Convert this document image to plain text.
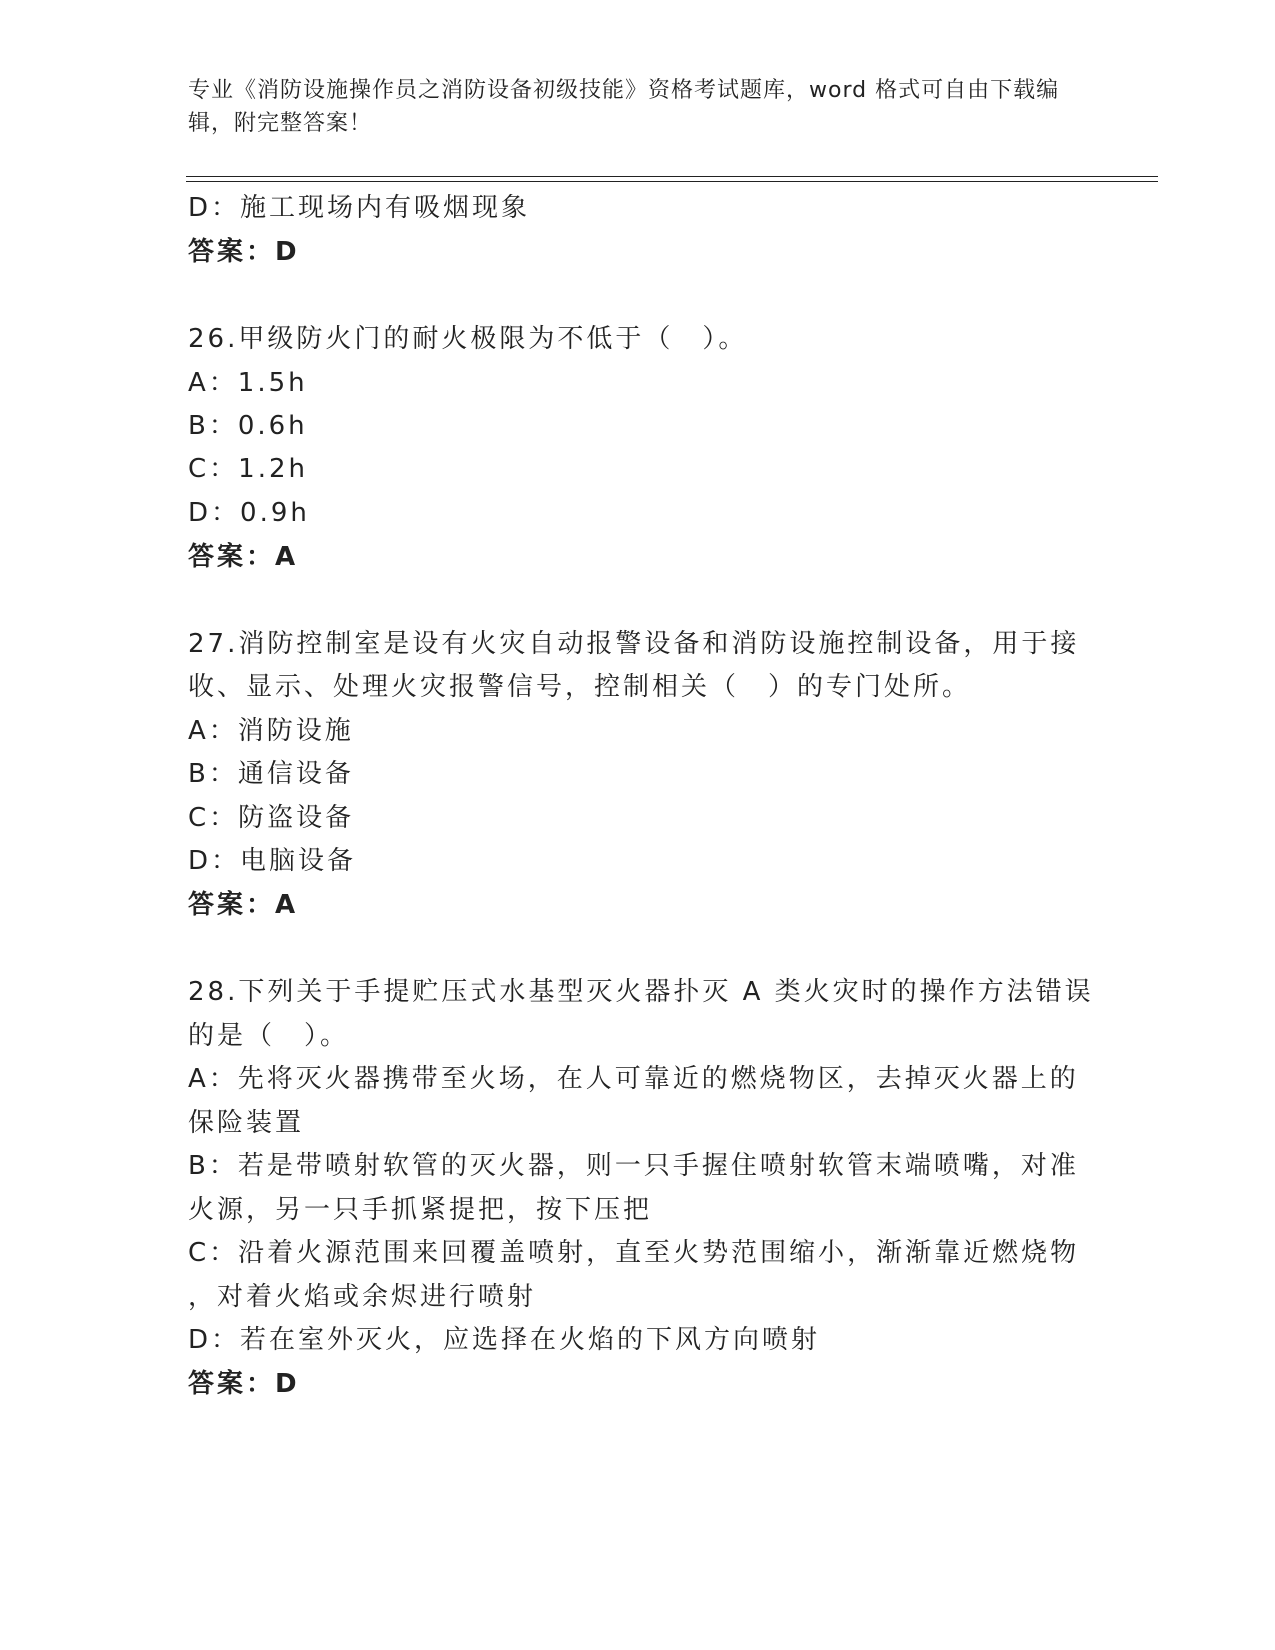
专业《消防设施操作员之消防设备初级技能》资格考试题库，word 格式可自由下载编辑，附完整答案！
D：施工现场内有吸烟现象
答案：D
26.甲级防火门的耐火极限为不低于（　）。
A：1.5h
B：0.6h
C：1.2h
D：0.9h
答案：A
27.消防控制室是设有火灾自动报警设备和消防设施控制设备，用于接
收、显示、处理火灾报警信号，控制相关（　）的专门处所。
A：消防设施
B：通信设备
C：防盗设备
D：电脑设备
答案：A
28.下列关于手提贮压式水基型灭火器扑灭 A 类火灾时的操作方法错误
的是（　）。
A：先将灭火器携带至火场，在人可靠近的燃烧物区，去掉灭火器上的
保险装置
B：若是带喷射软管的灭火器，则一只手握住喷射软管末端喷嘴，对准
火源，另一只手抓紧提把，按下压把
C：沿着火源范围来回覆盖喷射，直至火势范围缩小，渐渐靠近燃烧物
，对着火焰或余烬进行喷射
D：若在室外灭火，应选择在火焰的下风方向喷射
答案：D
